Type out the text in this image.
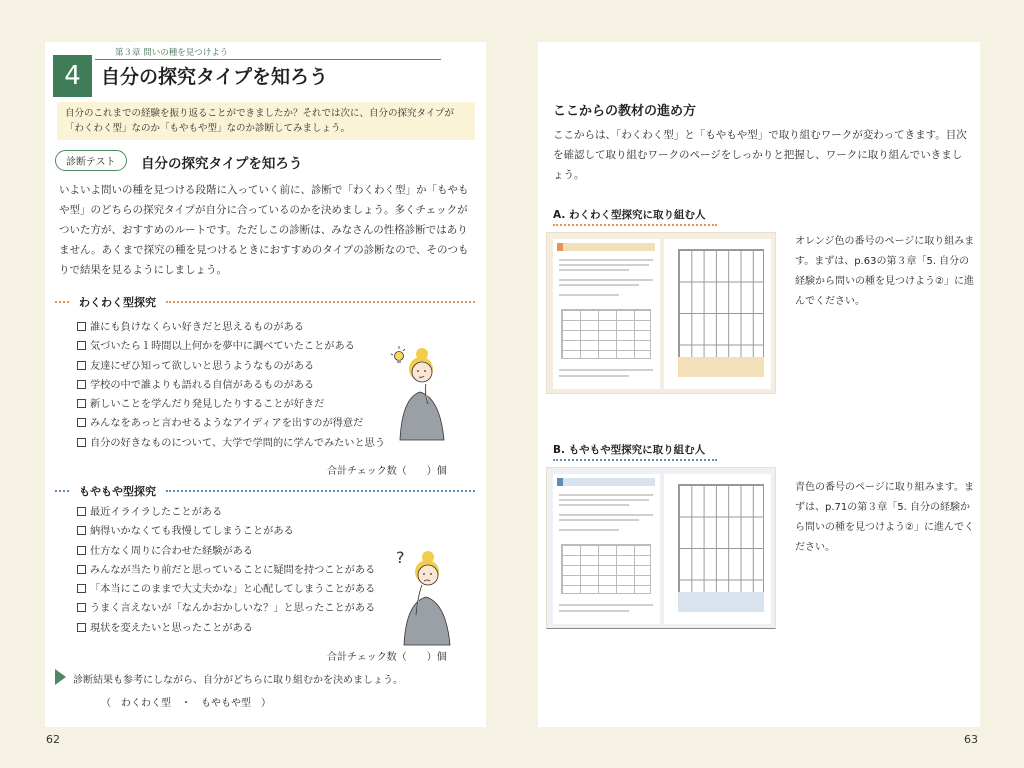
第３章 問いの種を見つけよう
4	自分の探究タイプを知ろう
自分のこれまでの経験を振り返ることができましたか？それでは次に、自分の探究タイプが「わくわく型」なのか「もやもや型」なのか診断してみましょう。
診断テスト	自分の探究タイプを知ろう
いよいよ問いの種を見つける段階に入っていく前に、診断で「わくわく型」か「もやもや型」のどちらの探究タイプが自分に合っているのかを決めましょう。多くチェックがついた方が、おすすめのルートです。ただしこの診断は、みなさんの性格診断ではありません。あくまで探究の種を見つけるときにおすすめのタイプの診断なので、そのつもりで結果を見るようにしましょう。
わくわく型探究
誰にも負けなくらい好きだと思えるものがある
気づいたら１時間以上何かを夢中に調べていたことがある
友達にぜひ知って欲しいと思うようなものがある
学校の中で誰よりも語れる自信があるものがある
新しいことを学んだり発見したりすることが好きだ
みんなをあっと言わせるようなアイディアを出すのが得意だ
自分の好きなものについて、大学で学問的に学んでみたいと思う
合計チェック数（　　）個
もやもや型探究
最近イライラしたことがある
納得いかなくても我慢してしまうことがある
仕方なく周りに合わせた経験がある
みんなが当たり前だと思っていることに疑問を持つことがある
「本当にこのままで大丈夫かな」と心配してしまうことがある
うまく言えないが「なんかおかしいな？」と思ったことがある
現状を変えたいと思ったことがある
合計チェック数（　　）個
?
診断結果も参考にしながら、自分がどちらに取り組むかを決めましょう。
（　わくわく型　・　もやもや型　）
ここからの教材の進め方
ここからは、「わくわく型」と「もやもや型」で取り組むワークが変わってきます。目次を確認して取り組むワークのページをしっかりと把握し、ワークに取り組んでいきましょう。
A. わくわく型探究に取り組む人
オレンジ色の番号のページに取り組みます。まずは、p.63の第３章「5. 自分の経験から問いの種を見つけよう②」に進んでください。
B. もやもや型探究に取り組む人
青色の番号のページに取り組みます。まずは、p.71の第３章「5. 自分の経験から問いの種を見つけよう②」に進んでください。
62	63
